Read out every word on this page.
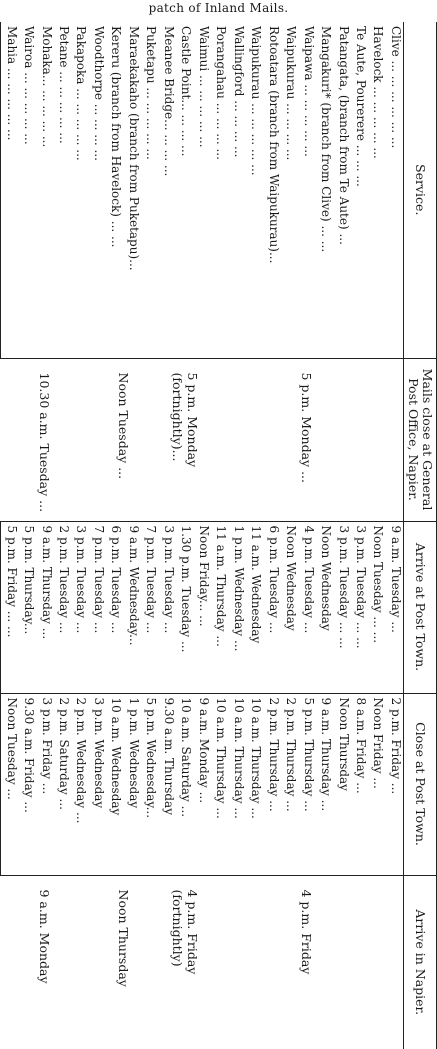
patch of Inland Mails.
Service.	Mails close at General Post Office, Napier.	Arrive at Post Town.	Close at Post Town.	Arrive in Napier.
Clive ... ... ... ... ... ...	5 p.m. Monday ...	9 a.m. Tuesday ...	2 p.m. Friday ...	4 p.m. Friday
Havelock ... ... ... ... ...		Noon Tuesday ... ...	Noon Friday ...	
Te Aute, Pourerere ... ... ...		3 p.m. Tuesday ... ...	8 a.m. Friday ...	
Patangata, (branch from Te Aute) ...		3 p.m. Tuesday ... ...	Noon Thursday	
Mangakuri* (branch from Clive) ... ...		Noon Wednesday	9 a.m. Thursday ...	
Waipawa ... ... ... ... ...		4 p.m. Tuesday ...	5 p.m. Thursday ...	
Waipukurau ... ... ... ...		Noon Wednesday	2 p.m. Thursday ...	
Rotoatara (branch from Waipukurau)...		6 p.m. Tuesday ...	2 p.m. Thursday ...	
Waipukurau ... ... ... ... ...		11 a.m. Wednesday	10 a.m. Thursday ...	
Wallingford ... ... ... ...		1 p.m. Wednesday ...	10 a.m. Thursday ...	
Porangahau ... ... ... ...		11 a.m. Thursday ...	10 a.m. Thursday ...	
Waimui ... ... ... ... ...	5 p.m. Monday (fortnightly)...	Noon Friday... ...	9 a.m. Monday ...	4 p.m. Friday (fortnightly)
Castle Point... ... ... ...		1.30 p.m. Tuesday ...	10 a.m. Saturday ...	
Meanee Bridge... ... ... ...		3 p.m. Tuesday ...	9.30 a.m. Thursday	
Puketapu ... ... ... ... ...	Noon Tuesday ...	7 p.m. Tuesday ...	5 p.m. Wednesday...	Noon Thursday
Maraekakaho (branch from Puketapu)...		9 a.m. Wednesday...	1 p.m. Wednesday	
Kereru (branch from Havelock) ... ...		6 p.m. Tuesday ...	10 a.m. Wednesday	
Woodthorpe ... ... ... ...		7 p.m. Tuesday ...	3 p.m. Wednesday	
Pakapoka ... ... ... ... ...	10.30 a.m. Tuesday ...	3 p.m. Tuesday ...	2 p.m. Wednesday ...	9 a.m. Monday
Petane ... ... ... ... ...		2 p.m. Tuesday ...	2 p.m. Saturday ...	
Mohaka... ... ... ... ...		9 a.m. Thursday ...	3 p.m. Friday ...	
Wairoa ... ... ... ... ...		5 p.m. Thursday...	9.30 a.m. Friday ...	
Mahia ... ... ... ... ...		5 p.m. Friday ... ...	Noon Tuesday ...	
